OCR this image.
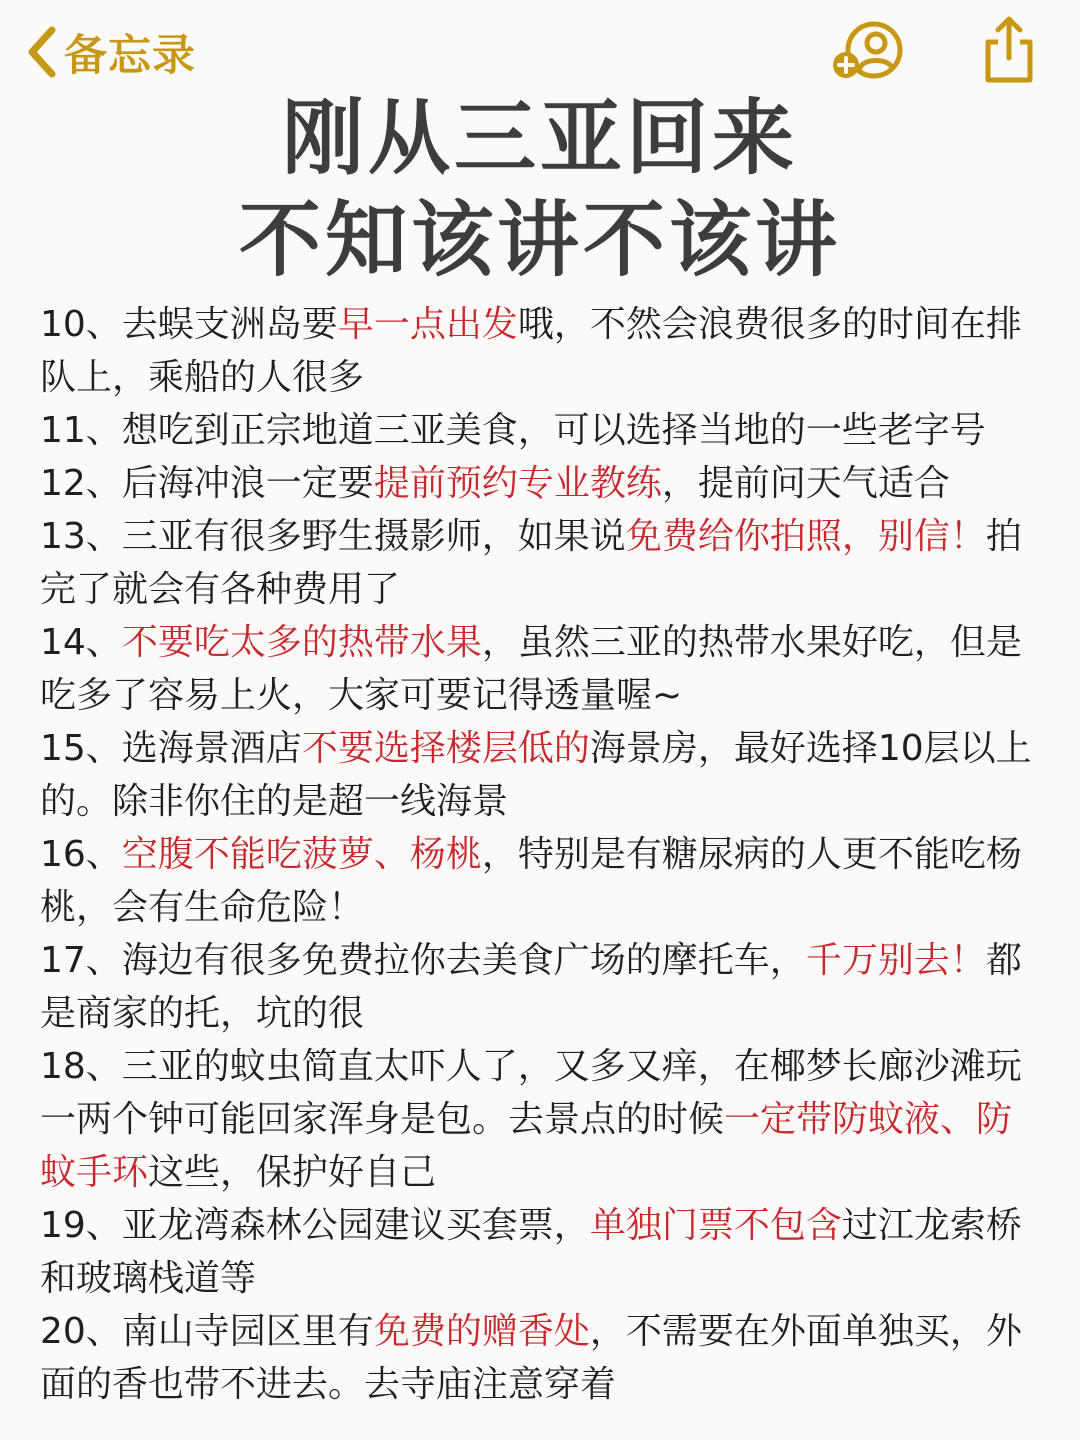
备忘录
刚从三亚回来
不知该讲不该讲

10、去蜈支洲岛要早一点出发哦，不然会浪费很多的时间在排队上，乘船的人很多

11、想吃到正宗地道三亚美食，可以选择当地的一些老字号

12、后海冲浪一定要提前预约专业教练，提前问天气适合

13、三亚有很多野生摄影师，如果说免费给你拍照，别信！拍完了就会有各种费用了

14、不要吃太多的热带水果，虽然三亚的热带水果好吃，但是吃多了容易上火，大家可要记得透量喔~

15、选海景酒店不要选择楼层低的海景房，最好选择10层以上的。除非你住的是超一线海景

16、空腹不能吃菠萝、杨桃，特别是有糖尿病的人更不能吃杨桃，会有生命危险！

17、海边有很多免费拉你去美食广场的摩托车，千万别去！都是商家的托，坑的很

18、三亚的蚊虫简直太吓人了，又多又痒，在椰梦长廊沙滩玩一两个钟可能回家浑身是包。去景点的时候一定带防蚊液、防蚊手环这些，保护好自己

19、亚龙湾森林公园建议买套票，单独门票不包含过江龙索桥和玻璃栈道等

20、南山寺园区里有免费的赠香处，不需要在外面单独买，外面的香也带不进去。去寺庙注意穿着
